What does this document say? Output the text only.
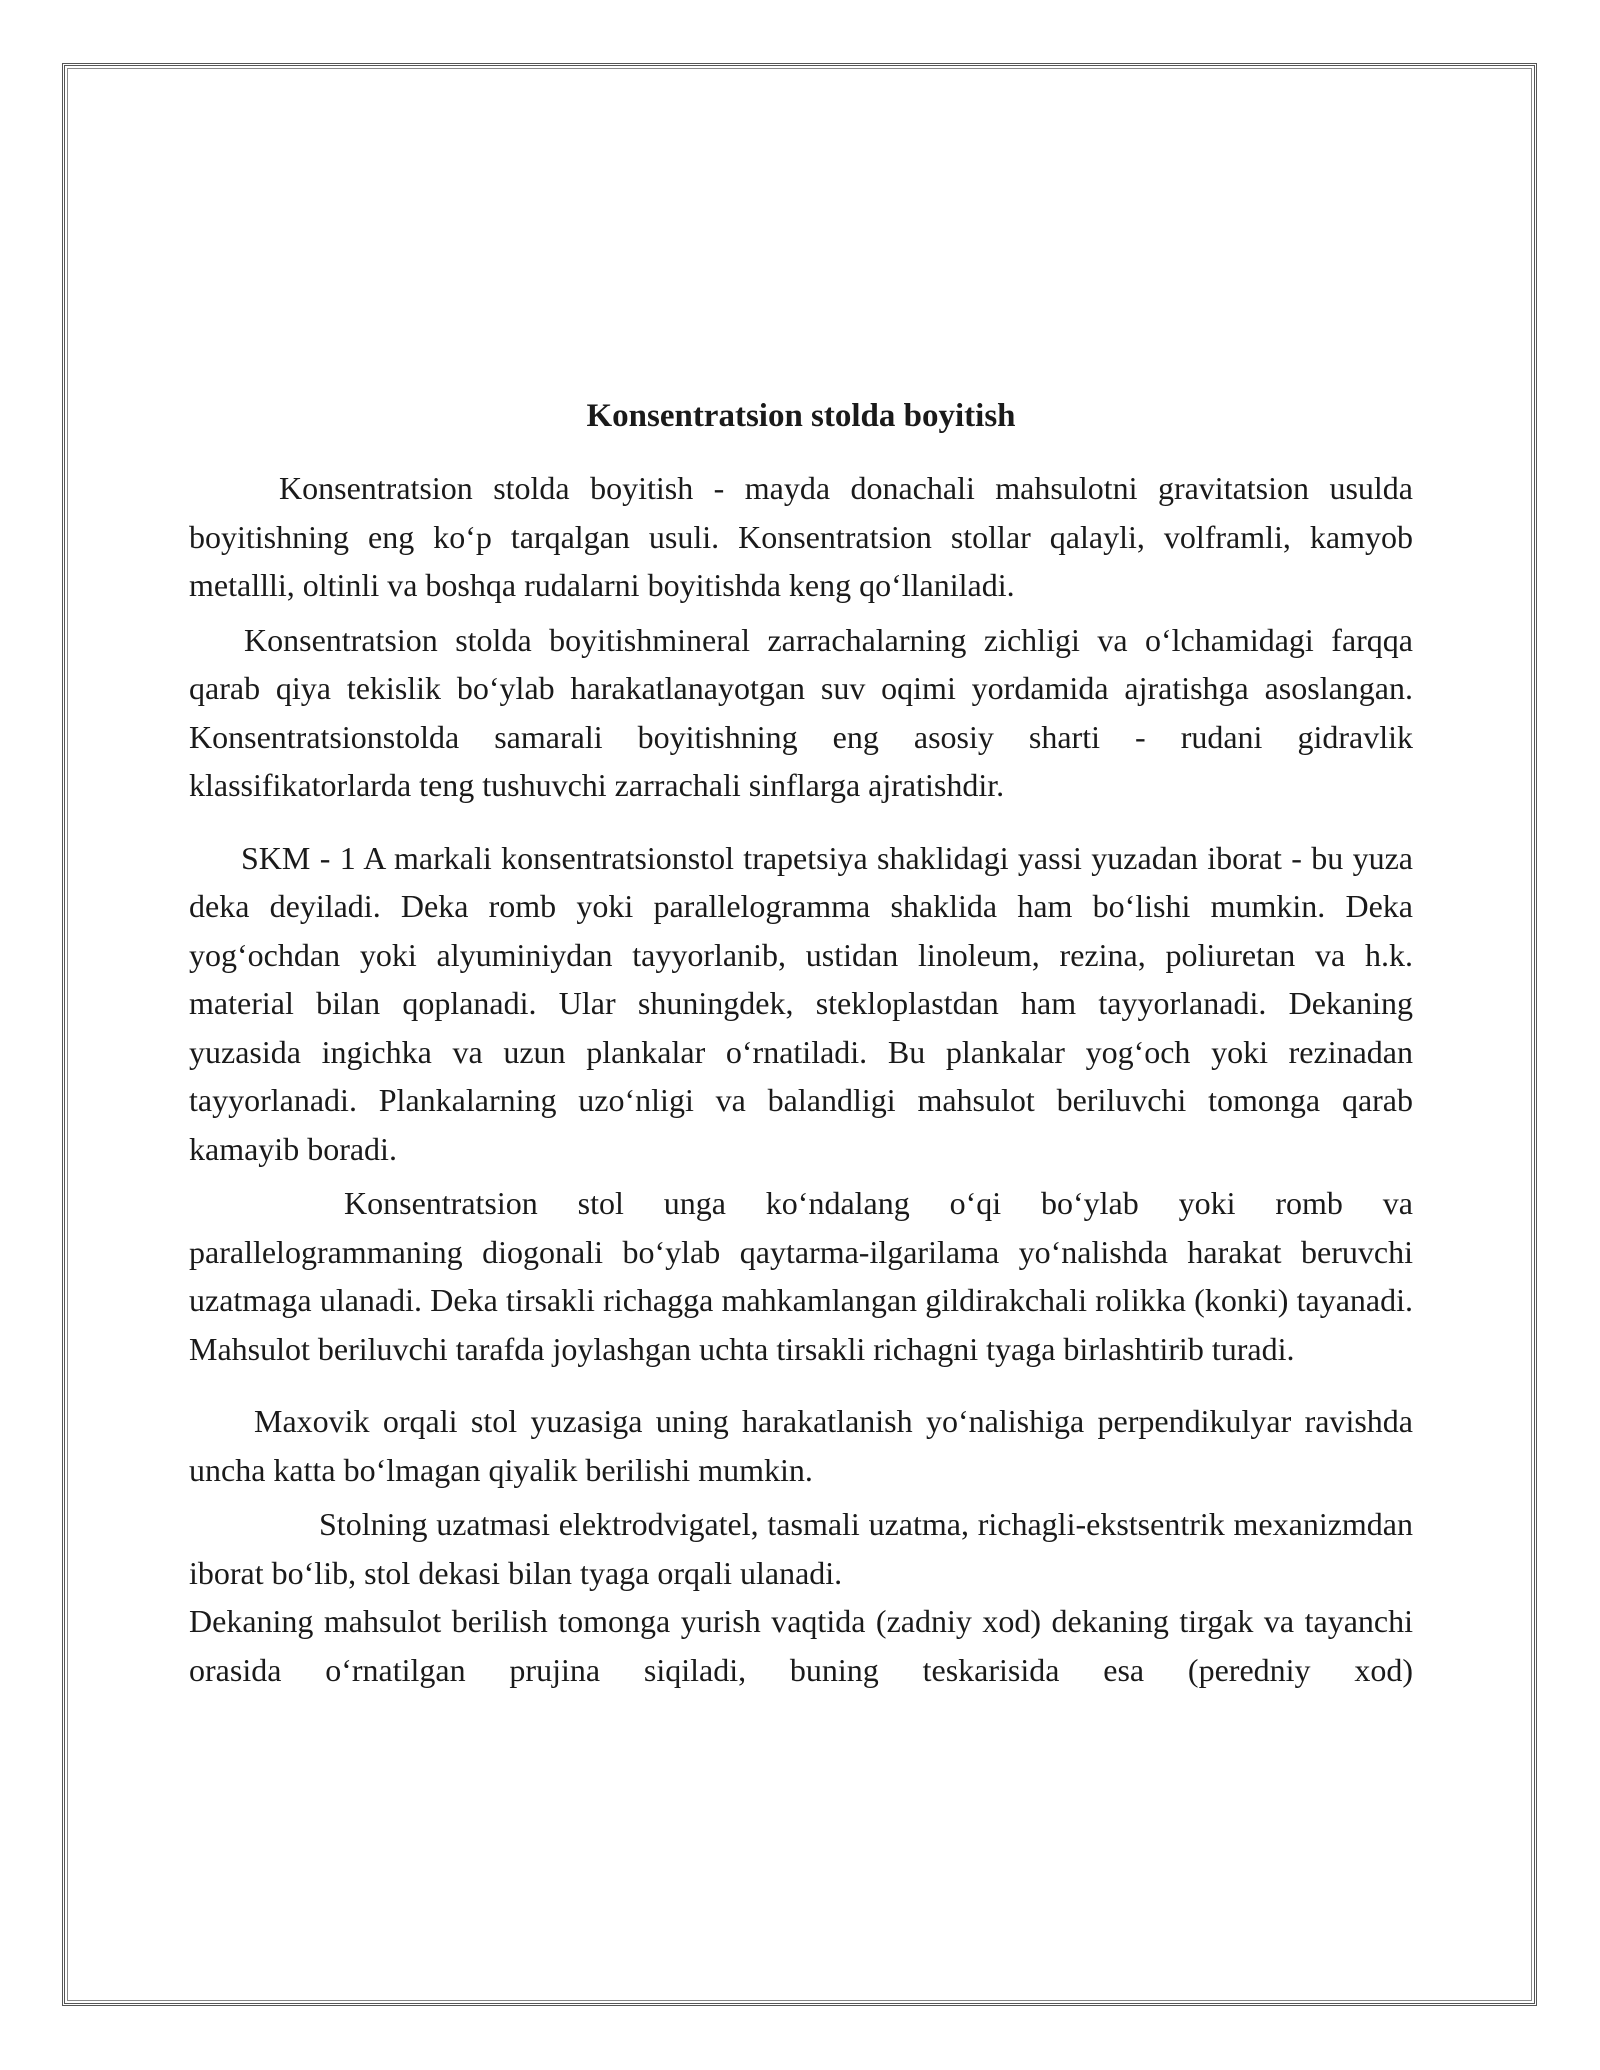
Konsentratsion stolda boyitish

Konsentratsion stolda boyitish - mayda donachali mahsulotni gravitatsion usulda boyitishning eng ko‘p tarqalgan usuli. Konsentratsion stollar qalayli, volframli, kamyob metallli, oltinli va boshqa rudalarni boyitishda keng qo‘llaniladi.

Konsentratsion stolda boyitishmineral zarrachalarning zichligi va o‘lchamidagi farqqa qarab qiya tekislik bo‘ylab harakatlanayotgan suv oqimi yordamida ajratishga asoslangan. Konsentratsionstolda samarali boyitishning eng asosiy sharti - rudani gidravlik klassifikatorlarda teng tushuvchi zarrachali sinflarga ajratishdir.

SKM - 1 A markali konsentratsionstol trapetsiya shaklidagi yassi yuzadan iborat - bu yuza deka deyiladi. Deka romb yoki parallelogramma shaklida ham bo‘lishi mumkin. Deka yog‘ochdan yoki alyuminiydan tayyorlanib, ustidan linoleum, rezina, poliuretan va h.k. material bilan qoplanadi. Ular shuningdek, stekloplastdan ham tayyorlanadi. Dekaning yuzasida ingichka va uzun plankalar o‘rnatiladi. Bu plankalar yog‘och yoki rezinadan tayyorlanadi. Plankalarning uzo‘nligi va balandligi mahsulot beriluvchi tomonga qarab kamayib boradi.

Konsentratsion stol unga ko‘ndalang o‘qi bo‘ylab yoki romb va parallelogrammaning diogonali bo‘ylab qaytarma-ilgarilama yo‘nalishda harakat beruvchi uzatmaga ulanadi. Deka tirsakli richagga mahkamlangan gildirakchali rolikka (konki) tayanadi. Mahsulot beriluvchi tarafda joylashgan uchta tirsakli richagni tyaga birlashtirib turadi.

Maxovik orqali stol yuzasiga uning harakatlanish yo‘nalishiga perpendikulyar ravishda uncha katta bo‘lmagan qiyalik berilishi mumkin.

Stolning uzatmasi elektrodvigatel, tasmali uzatma, richagli-ekstsentrik mexanizmdan iborat bo‘lib, stol dekasi bilan tyaga orqali ulanadi.

Dekaning mahsulot berilish tomonga yurish vaqtida (zadniy xod) dekaning tirgak va tayanchi orasida o‘rnatilgan prujina siqiladi, buning teskarisida esa (peredniy xod)
